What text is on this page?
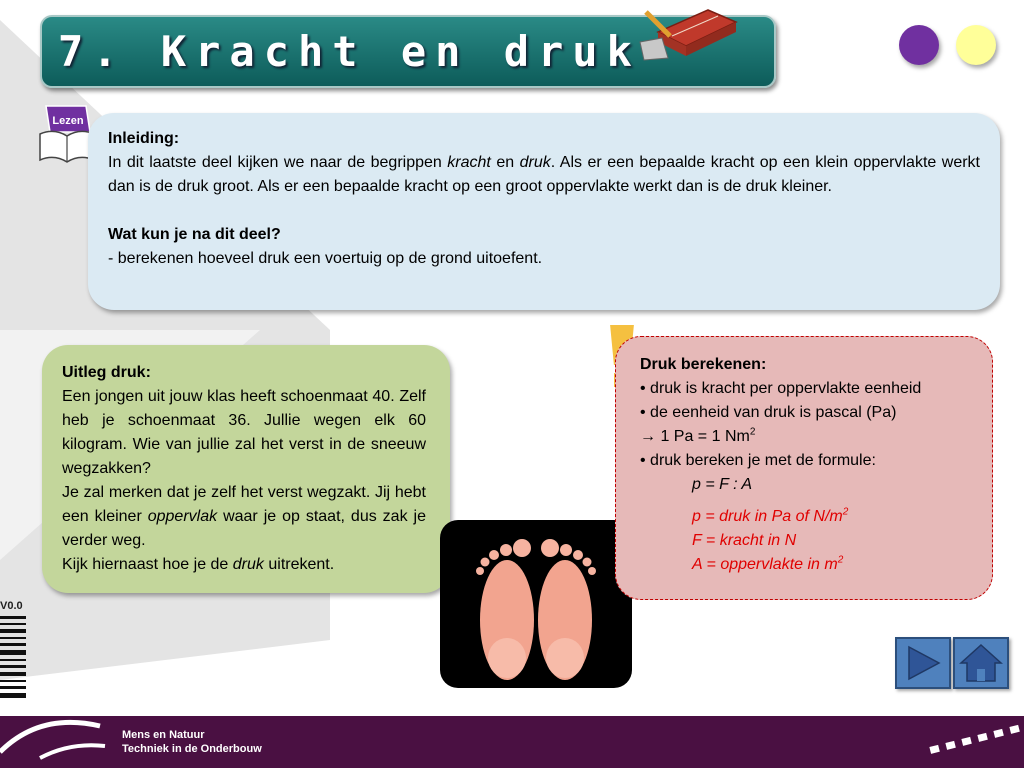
7. Kracht en druk
Lezen
Inleiding:
In dit laatste deel kijken we naar de begrippen kracht en druk. Als er een bepaalde kracht op een klein oppervlakte werkt dan is de druk groot. Als er een bepaalde kracht op een groot oppervlakte werkt dan is de druk kleiner.
Wat kun je na dit deel?
- berekenen hoeveel druk een voertuig op de grond uitoefent.
Uitleg druk:
Een jongen uit jouw klas heeft schoenmaat 40. Zelf heb je schoenmaat 36. Jullie wegen elk 60 kilogram. Wie van jullie zal het verst in de sneeuw wegzakken?
Je zal merken dat je zelf het verst wegzakt. Jij hebt een kleiner oppervlak waar je op staat, dus zak je verder weg.
Kijk hiernaast hoe je de druk uitrekent.
Druk berekenen:
• druk is kracht per oppervlakte eenheid
• de eenheid van druk is pascal (Pa)
→ 1 Pa = 1 Nm$^2$
• druk bereken je met de formule:
p = F : A
p = druk in Pa of $N/m^2$
F = kracht in N
A = oppervlakte in $m^2$
V0.0
Mens en Natuur
Techniek in de Onderbouw
